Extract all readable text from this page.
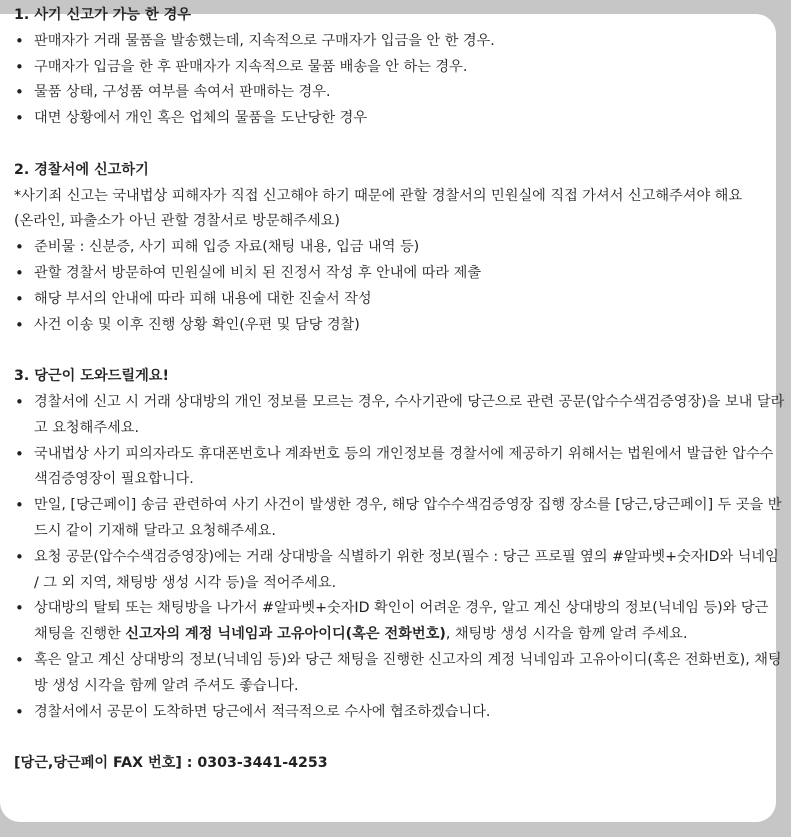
1. 사기 신고가 가능 한 경우
• 판매자가 거래 물품을 발송했는데, 지속적으로 구매자가 입금을 안 한 경우.
• 구매자가 입금을 한 후 판매자가 지속적으로 물품 배송을 안 하는 경우.
• 물품 상태, 구성품 여부를 속여서 판매하는 경우.
• 대면 상황에서 개인 혹은 업체의 물품을 도난당한 경우
2. 경찰서에 신고하기
*사기죄 신고는 국내법상 피해자가 직접 신고해야 하기 때문에 관할 경찰서의 민원실에 직접 가셔서 신고해주셔야 해요
(온라인, 파출소가 아닌 관할 경찰서로 방문해주세요)
• 준비물 : 신분증, 사기 피해 입증 자료(채팅 내용, 입금 내역 등)
• 관할 경찰서 방문하여 민원실에 비치 된 진정서 작성 후 안내에 따라 제출
• 해당 부서의 안내에 따라 피해 내용에 대한 진술서 작성
• 사건 이송 및 이후 진행 상황 확인(우편 및 담당 경찰)
3. 당근이 도와드릴게요!
• 경찰서에 신고 시 거래 상대방의 개인 정보를 모르는 경우, 수사기관에 당근으로 관련 공문(압수수색검증영장)을 보내 달라고 요청해주세요.
• 국내법상 사기 피의자라도 휴대폰번호나 계좌번호 등의 개인정보를 경찰서에 제공하기 위해서는 법원에서 발급한 압수수색검증영장이 필요합니다.
• 만일, [당근페이] 송금 관련하여 사기 사건이 발생한 경우, 해당 압수수색검증영장 집행 장소를 [당근,당근페이] 두 곳을 반드시 같이 기재해 달라고 요청해주세요.
• 요청 공문(압수수색검증영장)에는 거래 상대방을 식별하기 위한 정보(필수 : 당근 프로필 옆의 #알파벳+숫자ID와 닉네임 / 그 외 지역, 채팅방 생성 시각 등)을 적어주세요.
• 상대방의 탈퇴 또는 채팅방을 나가서 #알파벳+숫자ID 확인이 어려운 경우, 알고 계신 상대방의 정보(닉네임 등)와 당근 채팅을 진행한 신고자의 계정 닉네임과 고유아이디(혹은 전화번호), 채팅방 생성 시각을 함께 알려 주세요.
• 혹은 알고 계신 상대방의 정보(닉네임 등)와 당근 채팅을 진행한 신고자의 계정 닉네임과 고유아이디(혹은 전화번호), 채팅방 생성 시각을 함께 알려 주셔도 좋습니다.
• 경찰서에서 공문이 도착하면 당근에서 적극적으로 수사에 협조하겠습니다.
[당근,당근페이 FAX 번호] : 0303-3441-4253
